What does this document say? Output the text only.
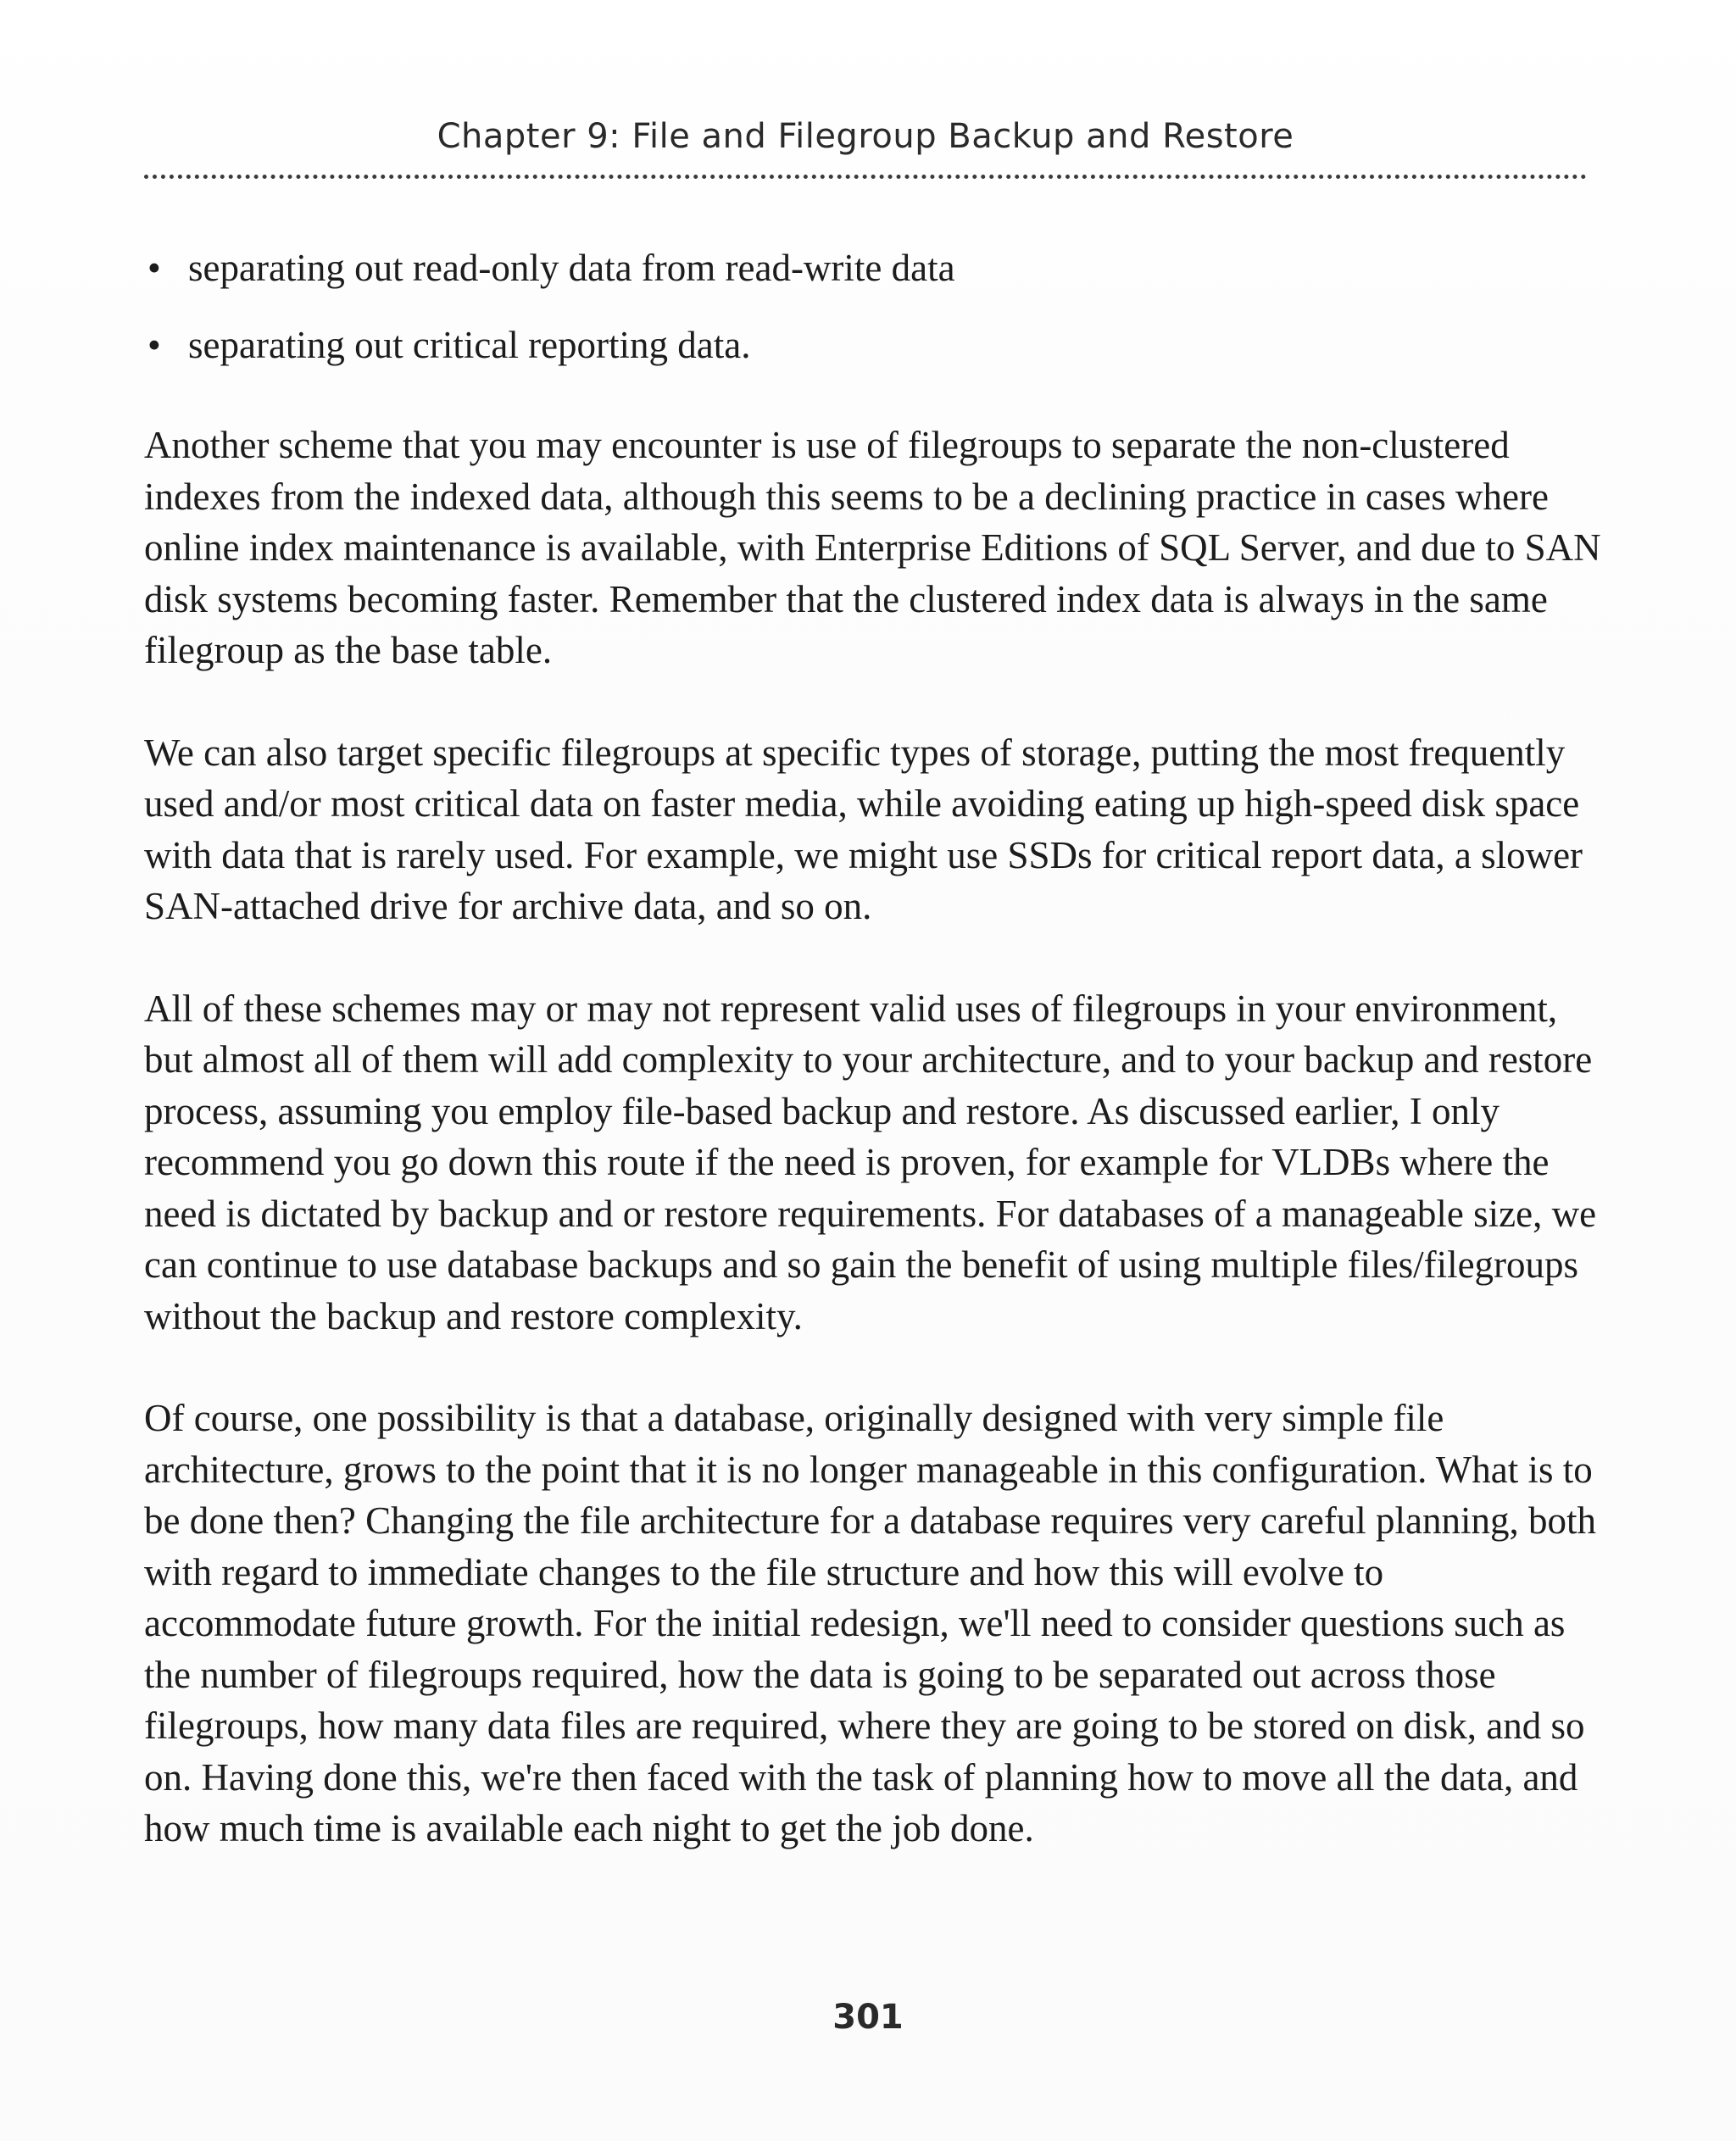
Chapter 9: File and Filegroup Backup and Restore
• separating out read-only data from read-write data
• separating out critical reporting data.

Another scheme that you may encounter is use of filegroups to separate the non-clustered indexes from the indexed data, although this seems to be a declining practice in cases where online index maintenance is available, with Enterprise Editions of SQL Server, and due to SAN disk systems becoming faster. Remember that the clustered index data is always in the same filegroup as the base table.

We can also target specific filegroups at specific types of storage, putting the most frequently used and/or most critical data on faster media, while avoiding eating up high-speed disk space with data that is rarely used. For example, we might use SSDs for critical report data, a slower SAN-attached drive for archive data, and so on.

All of these schemes may or may not represent valid uses of filegroups in your environment, but almost all of them will add complexity to your architecture, and to your backup and restore process, assuming you employ file-based backup and restore. As discussed earlier, I only recommend you go down this route if the need is proven, for example for VLDBs where the need is dictated by backup and or restore requirements. For databases of a manageable size, we can continue to use database backups and so gain the benefit of using multiple files/filegroups without the backup and restore complexity.

Of course, one possibility is that a database, originally designed with very simple file architecture, grows to the point that it is no longer manageable in this configuration. What is to be done then? Changing the file architecture for a database requires very careful planning, both with regard to immediate changes to the file structure and how this will evolve to accommodate future growth. For the initial redesign, we'll need to consider questions such as the number of filegroups required, how the data is going to be separated out across those filegroups, how many data files are required, where they are going to be stored on disk, and so on. Having done this, we're then faced with the task of planning how to move all the data, and how much time is available each night to get the job done.

301
